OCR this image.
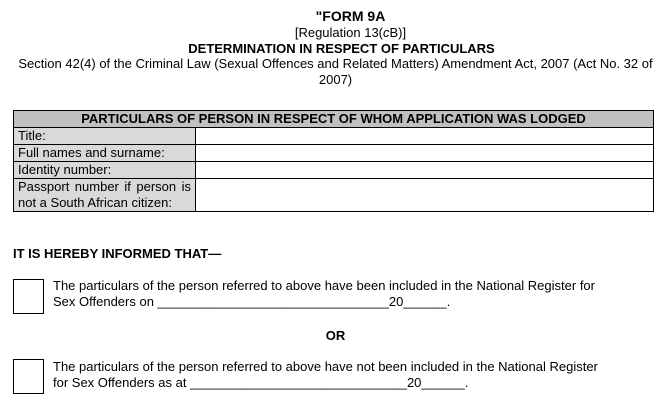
"FORM 9A
[Regulation 13(cB)]
DETERMINATION IN RESPECT OF PARTICULARS
Section 42(4) of the Criminal Law (Sexual Offences and Related Matters) Amendment Act, 2007 (Act No. 32 of 2007)
PARTICULARS OF PERSON IN RESPECT OF WHOM APPLICATION WAS LODGED	
Title:	
Full names and surname:	
Identity number:	
Passport number if person is not a South African citizen:	
IT IS HEREBY INFORMED THAT—
The particulars of the person referred to above have been included in the National Register for
Sex Offenders on ________________________________20______.
OR
The particulars of the person referred to above have not been included in the National Register
for Sex Offenders as at ______________________________20______.
